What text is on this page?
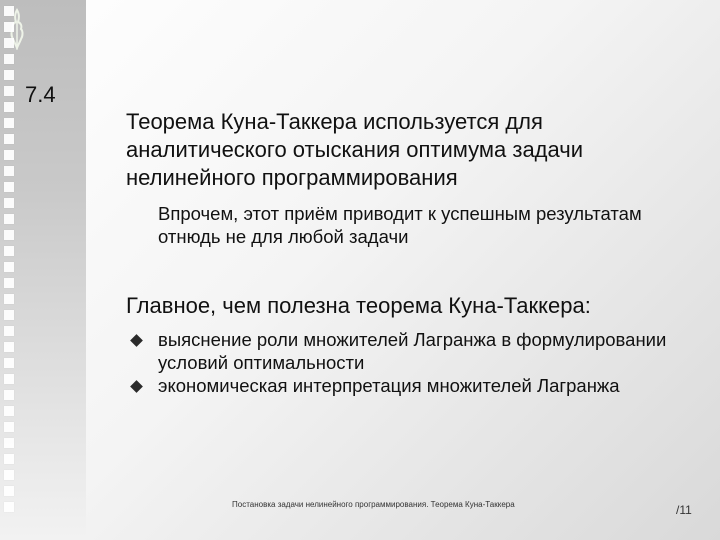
7.4

Теорема Куна-Таккера используется для аналитического отыскания оптимума задачи нелинейного программирования

Впрочем, этот приём приводит к успешным результатам отнюдь не для любой задачи

Главное, чем полезна теорема Куна-Таккера:

выяснение роли множителей Лагранжа в формулировании условий оптимальности
экономическая интерпретация множителей Лагранжа
Постановка задачи нелинейного программирования. Теорема Куна-Таккера	/11
